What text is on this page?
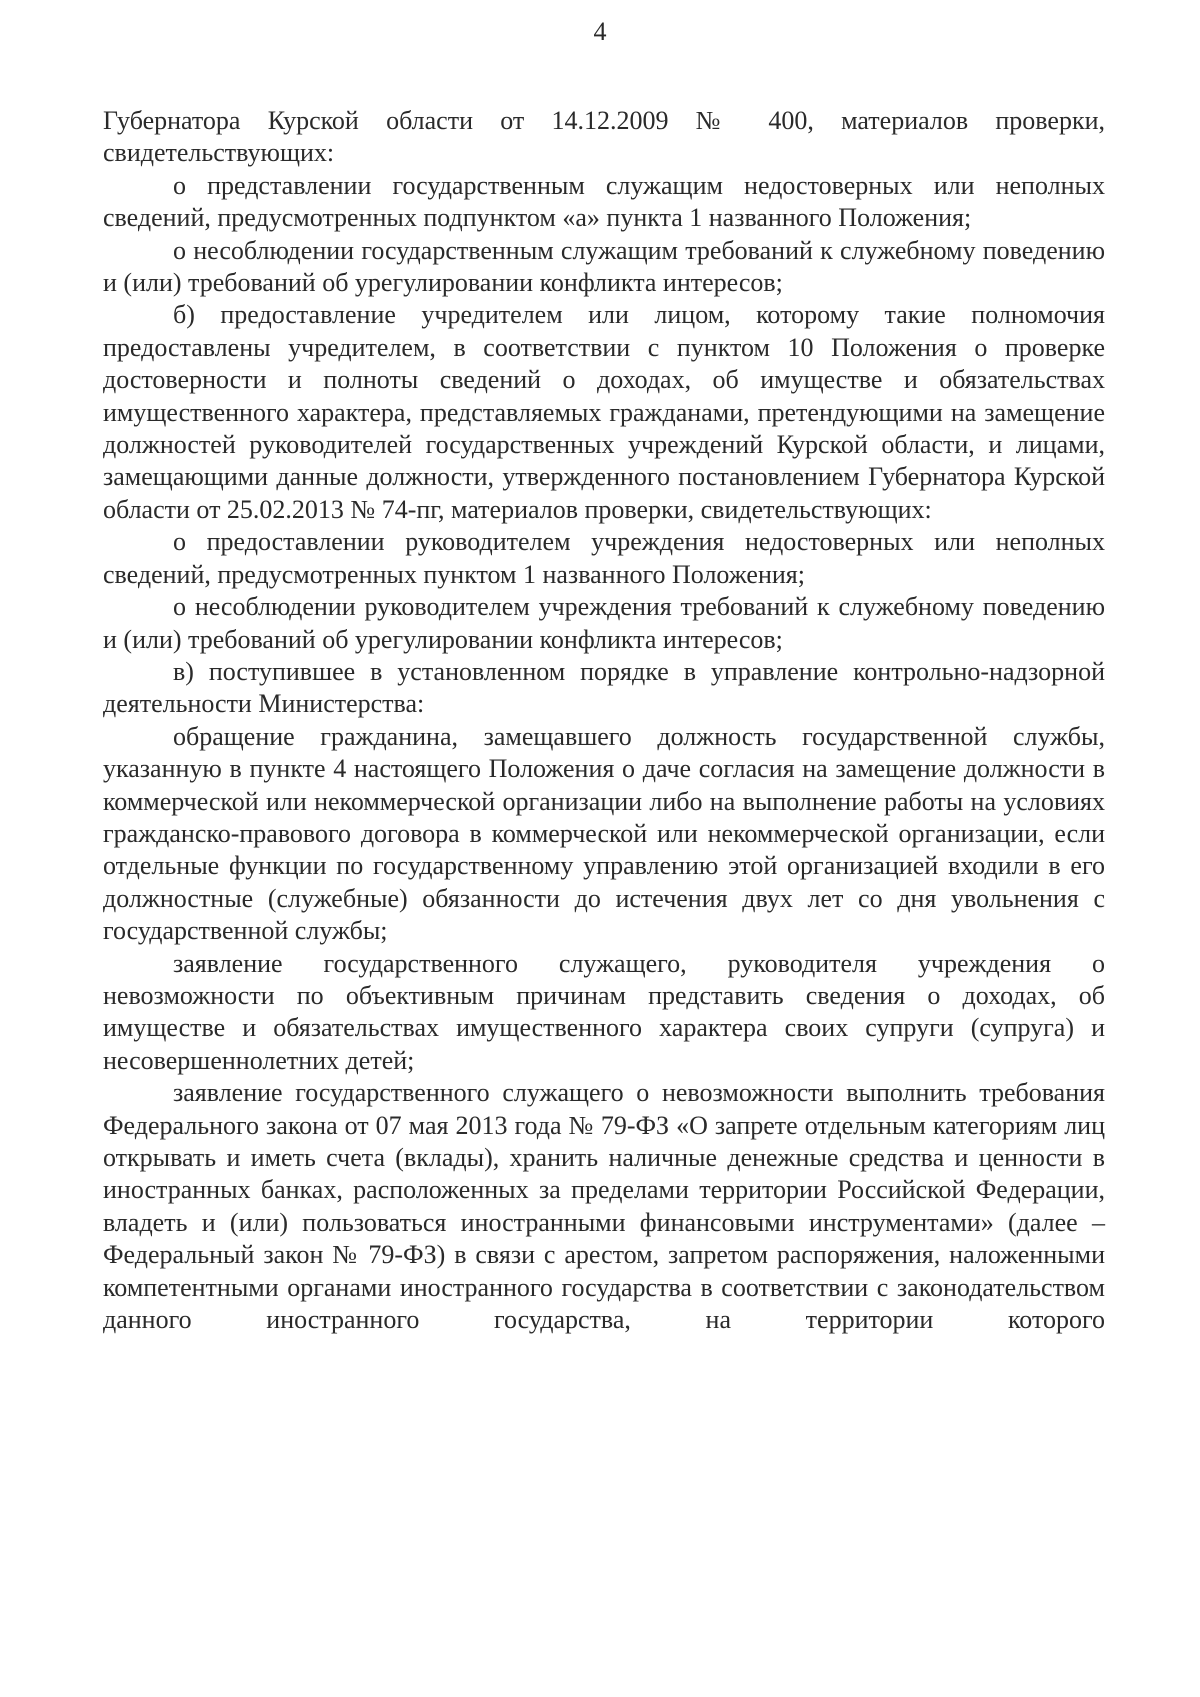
4

Губернатора Курской области от 14.12.2009 № 400, материалов проверки, свидетельствующих:

о представлении государственным служащим недостоверных или неполных сведений, предусмотренных подпунктом «а» пункта 1 названного Положения;

о несоблюдении государственным служащим требований к служебному поведению и (или) требований об урегулировании конфликта интересов;

б) предоставление учредителем или лицом, которому такие полномочия предоставлены учредителем, в соответствии с пунктом 10 Положения о проверке достоверности и полноты сведений о доходах, об имуществе и обязательствах имущественного характера, представляемых гражданами, претендующими на замещение должностей руководителей государственных учреждений Курской области, и лицами, замещающими данные должности, утвержденного постановлением Губернатора Курской области от 25.02.2013 № 74-пг, материалов проверки, свидетельствующих:

о предоставлении руководителем учреждения недостоверных или неполных сведений, предусмотренных пунктом 1 названного Положения;

о несоблюдении руководителем учреждения требований к служебному поведению и (или) требований об урегулировании конфликта интересов;

в) поступившее в установленном порядке в управление контрольно-надзорной деятельности Министерства:

обращение гражданина, замещавшего должность государственной службы, указанную в пункте 4 настоящего Положения о даче согласия на замещение должности в коммерческой или некоммерческой организации либо на выполнение работы на условиях гражданско-правового договора в коммерческой или некоммерческой организации, если отдельные функции по государственному управлению этой организацией входили в его должностные (служебные) обязанности до истечения двух лет со дня увольнения с государственной службы;

заявление государственного служащего, руководителя учреждения о невозможности по объективным причинам представить сведения о доходах, об имуществе и обязательствах имущественного характера своих супруги (супруга) и несовершеннолетних детей;

заявление государственного служащего о невозможности выполнить требования Федерального закона от 07 мая 2013 года № 79-ФЗ «О запрете отдельным категориям лиц открывать и иметь счета (вклады), хранить наличные денежные средства и ценности в иностранных банках, расположенных за пределами территории Российской Федерации, владеть и (или) пользоваться иностранными финансовыми инструментами» (далее – Федеральный закон № 79-ФЗ) в связи с арестом, запретом распоряжения, наложенными компетентными органами иностранного государства в соответствии с законодательством данного иностранного государства, на территории которого
